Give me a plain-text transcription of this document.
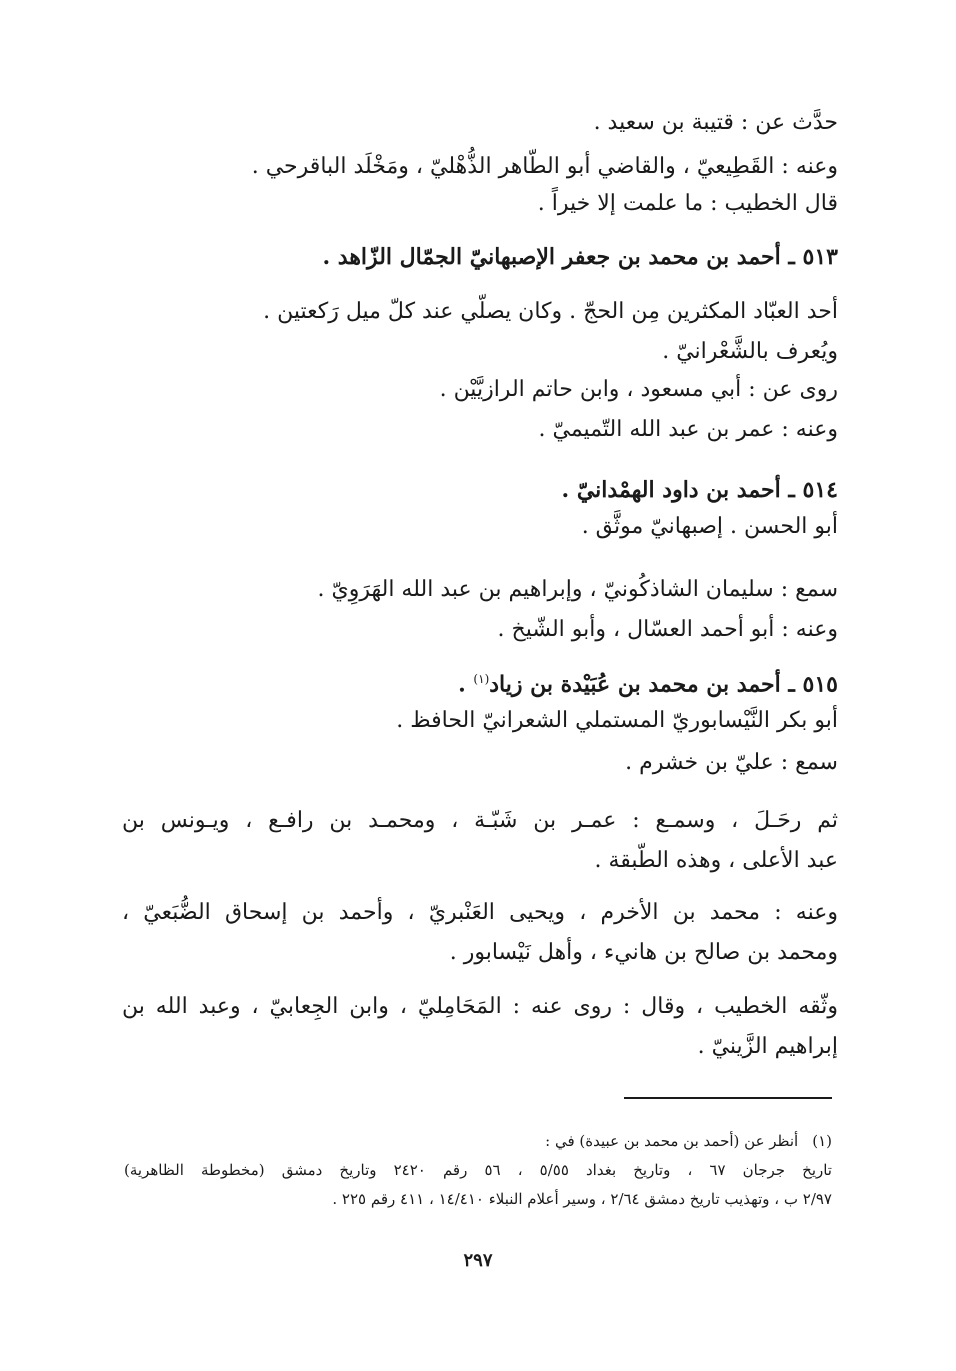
حدَّث عن : قتيبة بن سعيد .
وعنه : القَطِيعيّ ، والقاضي أبو الطّاهر الذُّهْليّ ، ومَخْلَد الباقرحي .
قال الخطيب : ما علمت إلا خيراً .
٥١٣ ـ أحمد بن محمد بن جعفر الإصبهانيّ الجمّال الزّاهد .
أحد العبّاد المكثرين مِن الحجّ . وكان يصلّي عند كلّ ميل رَكعتين .
ويُعرف بالشَّعْرانيّ .
روى عن : أبي مسعود ، وابن حاتم الرازيَّيْن .
وعنه : عمر بن عبد الله التّميميّ .
٥١٤ ـ أحمد بن داود الهمْدانيّ .
أبو الحسن . إصبهانيّ موثَّق .
سمع : سليمان الشاذكُونيّ ، وإبراهيم بن عبد الله الهَرَوِيّ .
وعنه : أبو أحمد العسّال ، وأبو الشّيخ .
٥١٥ ـ أحمد بن محمد بن عُبَيْدة بن زياد$^{(١)}$ .
أبو بكر النَّيْسابوريّ المستملي الشعرانيّ الحافظ .
سمع : عليّ بن خشرم .
ثم رحَـلَ ، وسمـع : عمـر بن شَبّـة ، ومحمـد بن رافـع ، ويـونس بن
عبد الأعلى ، وهذه الطّبقة .
وعنه : محمد بن الأخرم ، ويحيى العَنْبريّ ، وأحمد بن إسحاق الضُّبَعيّ ،
ومحمد بن صالح بن هانيء ، وأهل نَيْسابور .
وثّقه الخطيب ، وقال : روى عنه : المَحَامِليّ ، وابن الجِعابيّ ، وعبد الله بن
إبراهيم الزَّينيّ .
(١)أنظر عن (أحمد بن محمد بن عبيدة) في :
تاريخ جرجان ٦٧ ، وتاريخ بغداد ٥/٥٥ ، ٥٦ رقم ٢٤٢٠ وتاريخ دمشق (مخطوطة الظاهرية)
٢/٩٧ ب ، وتهذيب تاريخ دمشق ٢/٦٤ ، وسير أعلام النبلاء ١٤/٤١٠ ، ٤١١ رقم ٢٢٥ .
٢٩٧
